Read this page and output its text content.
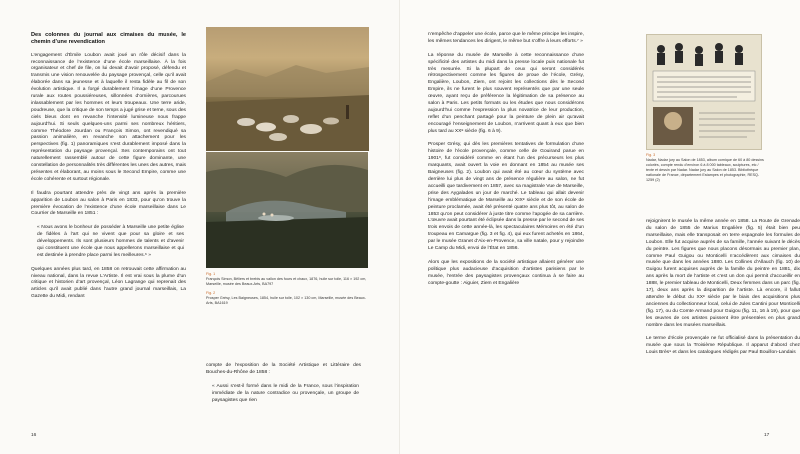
Des colonnes du journal aux cimaises du musée, le chemin d’une revendication

L’engagement d’Émile Loubon avait joué un rôle décisif dans la reconnaissance de l’existence d’une école marseillaise. À la fois organisateur et chef de file, on lui devait d’avoir proposé, défendu et transmis une vision renouvelée du paysage provençal, celle qu’il avait élaborée dans sa jeunesse et à laquelle il resta fidèle au fil de son évolution artistique. Il a forgé durablement l’image d’une Provence rurale aux routes poussiéreuses, sillonnées d’ornières, parcourues inlassablement par les hommes et leurs troupeaux. Une terre aride, poudreuse, que la critique de son temps a jugé grise et terne, sous des ciels bleus dont en revanche l’intensité lumineuse nous frappe aujourd’hui. Si seuls quelques-uns parmi ses nombreux héritiers, comme Théodore Jourdan ou François Simon, ont revendiqué sa passion animalière, en revanche son attachement pour les perspectives (fig. 1) panoramiques s’est durablement imposé dans la représentation du paysage provençal. Ses contemporains ont tout naturellement rassemblé autour de cette figure dominante, une constellation de personnalités très différentes les unes des autres, mais présentes et élaborant, au moins sous le Second Empire, comme une école cohérente et surtout régionale.

Il faudra pourtant attendre près de vingt ans après la première apparition de Loubon au salon à Paris en 1833, pour qu’on trouve la première évocation de l’existence d’une école marseillaise dans Le Courrier de Marseille en 1851 :

« Nous avons le bonheur de posséder à Marseille une petite église de fidèles à l’art qui ne vivent que pour sa gloire et ses développements. Ils sont plusieurs hommes de talents et d’avenir qui constituent une école que nous appellerons marseillaise et qui est destinée à prendre place parmi les meilleures.⁶ »

Quelques années plus tard, en 1858 on retrouvait cette affirmation au niveau national, dans la revue L’Artiste. Il est vrai sous la plume d’un critique et historien d’art provençal, Léon Lagrange qui reprenait des articles qu’il avait publié dans l’autre grand journal marseillais, La Gazette du Midi, rendant

Fig. 1
François Simon, Bêliers et brebis au vallon des fours et chaux, 1876, huile sur toile, 116 × 192 cm, Marseille, musée des Beaux-Arts, BA797

Fig. 2
Prosper Grésy, Les Baigneuses, 1854, huile sur toile, 102 × 130 cm, Marseille, musée des Beaux-Arts, BA1619

compte de l’exposition de la Société Artistique et Littéraire des Bouches-du-Rhône de 1858 :

« Aussi s’est-il formé dans le midi de la France, sous l’inspiration immédiate de la nature contradice ou provençale, un groupe de paysagistes que rien

16

n’empêche d’appeler une école, parce que le même principe les inspire, les mêmes tendances les dirigent, le même but s’offre à leurs efforts.⁷ »

La réponse du musée de Marseille à cette reconnaissance d’une spécificité des artistes du midi dans la presse locale puis nationale fut très mesurée. Si la plupart de ceux qui seront considérés rétrospectivement comme les figures de proue de l’école, Grésy, Engalière, Loubon, Ziem, ont rejoint les collections dès le Second Empire, ils ne furent le plus souvent représentés que par une seule œuvre, ayant reçu de préférence la légitimation de sa présence au salon à Paris. Les petits formats ou les études que nous considérons aujourd’hui comme l’expression la plus novatrice de leur production, reflet d’un penchant partagé pour la peinture de plein air qu’avait encouragé l’enseignement de Loubon, n’arrivent quant à eux que bien plus tard au XXᵉ siècle (fig. 6 à 9).

Prosper Grésy, qui dès les premières tentatives de formulation d’une histoire de l’école provençale, comme celle de Gouirand parue en 1901⁸, fut considéré comme en étant l’un des précurseurs les plus marquants, avait ouvert la voie en donnant en 1854 au musée ses Baigneuses (fig. 2). Loubon qui avait été au cœur du système avec derrière lui plus de vingt ans de présence régulière au salon, ne fut accueilli que tardivement en 1857, avec sa magistrale Vue de Marseille, prise des Aygalades un jour de marché. Le tableau qui allait devenir l’image emblématique de Marseille au XIXᵉ siècle et de son école de peinture proclamée, avait été présenté quatre ans plus tôt, au salon de 1853 qu’on peut considérer à juste titre comme l’apogée de sa carrière. L’œuvre avait pourtant été éclipsée dans la presse par le second de ses trois envois de cette année-là, les spectaculaires Mémoires en été d’un troupeau en Camargue (fig. 3 et fig. 4), qui eux furent achetés en 1864, par le musée Granet d’Aix-en-Provence, sa ville natale, pour y rejoindre Le Camp du Midi, envoi de l’État en 1856.

Alors que les expositions de la société artistique allaient générer une politique plus audacieuse d’acquisition d’artistes parisiens par le musée, l’entrée des paysagistes provençaux continua à se faire au compte-goutte : Aiguier, Ziem et Engalière

Fig. 3
Nadar, Nadar jury au Salon de 1853, album comique de 60 à 80 dessins coloriés, compte rendu d’environ 6 à 8 000 tableaux, sculptures, etc / texte et dessin par Nadar. Nadar jury au Salon de 1853. Bibliothèque nationale de France, département Estampes et photographie, RESQ-1259 (2)

rejoignirent le musée la même année en 1858. La Route de Grenade du salon de 1855 de Marius Engalière (fig. 5) était bien peu marseillaise, mais elle transposait en terre espagnole les formules de Loubon. Elle fut acquise auprès de sa famille, l’année suivant le décès du peintre. Les figures que nous placons désormais au premier plan, comme Paul Guigou ou Monticelli n’accédèrent aux cimaises du musée que dans les années 1880. Les Collines d’Allauch (fig. 10) de Guigou furent acquises auprès de la famille du peintre en 1881, dix ans après la mort de l’artiste et c’est un don qui permit d’accueillir en 1888, le premier tableau de Monticelli, Deux femmes dans un parc (fig. 17), deux ans après la disparition de l’artiste. Là encore, il fallut attendre le début du XXᵉ siècle par le biais des acquisitions plus anciennes du collectionneur local, celui de Jules Cantini pour Monticelli (fig. 17), ou du Comte Armand pour Guigou (fig. 11, 16 à 19), pour que les œuvres de ces artistes puissent être présentées en plus grand nombre dans les musées marseillais.

Le terme d’école provençale ne fut officialisé dans la présentation du musée que sous la Troisième République. Il apparut d’abord chez Louis Brès⁹ et dans les catalogues rédigés par Paul Bouillon-Landais

17
